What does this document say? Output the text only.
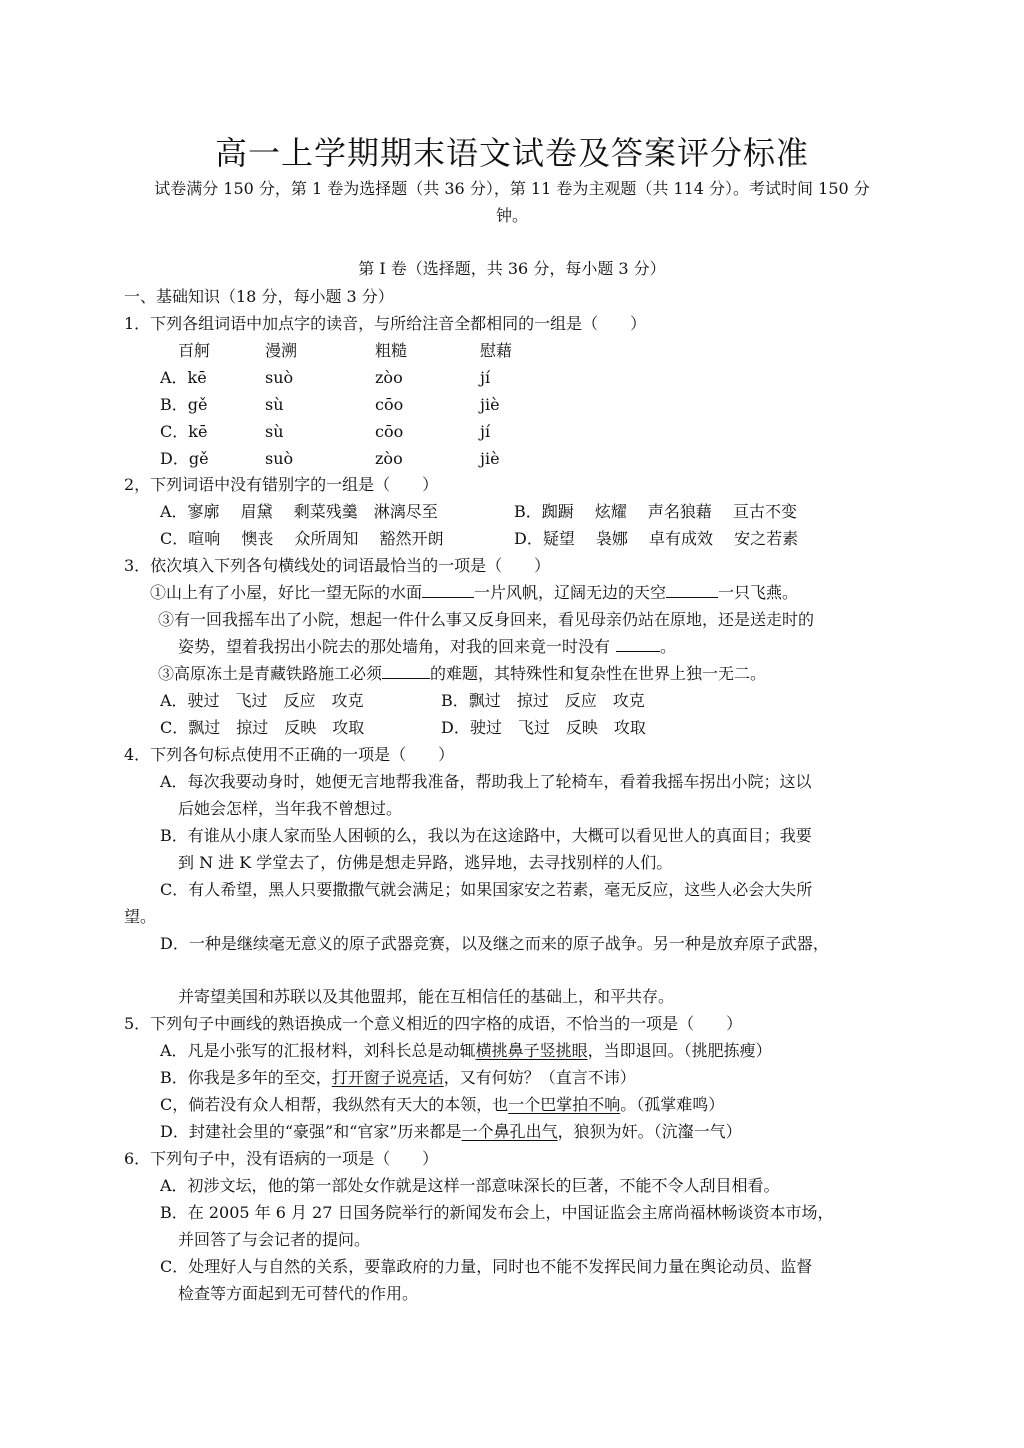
高一上学期期末语文试卷及答案评分标准
试卷满分 150 分，第 1 卷为选择题（共 36 分），第 11 卷为主观题（共 114 分）。考试时间 150 分
钟。
第 I 卷（选择题，共 36 分，每小题 3 分）
一、基础知识（18 分，每小题 3 分）
1．下列各组词语中加点字的读音，与所给注音全都相同的一组是（　　）
百舸	漫溯	粗糙	慰藉
A．kē	suò	zòo	jí
B．gě	sù	cōo	jiè
C．kē	sù	cōo	jí
D．gě	suò	zòo	jiè
2，下列词语中没有错别字的一组是（　　）
A．寥廓　 眉黛　 剩菜残羹　淋漓尽至	B．踟蹰　 炫耀　 声名狼藉　 亘古不变
C．喧响　 懊丧　 众所周知　 豁然开朗	D．疑望　 袅娜　 卓有成效　 安之若素
3．依次填入下列各句横线处的词语最恰当的一项是（　　）
①山上有了小屋，好比一望无际的水面	一片风帆，辽阔无边的天空	一只飞燕。
③有一回我摇车出了小院，想起一件什么事又反身回来，看见母亲仍站在原地，还是送走时的
姿势，望着我拐出小院去的那处墙角，对我的回来竟一时没有	。
③高原冻土是青藏铁路施工必须	的难题，其特殊性和复杂性在世界上独一无二。
A．驶过　飞过　反应　攻克	B．飘过　掠过　反应　攻克
C．飘过　掠过　反映　攻取	D．驶过　飞过　反映　攻取
4．下列各句标点使用不正确的一项是（　　）
A．每次我要动身时，她便无言地帮我准备，帮助我上了轮椅车，看着我摇车拐出小院；这以
后她会怎样，当年我不曾想过。
B．有谁从小康人家而坠人困顿的么，我以为在这途路中，大概可以看见世人的真面目；我要
到 N 进 K 学堂去了，仿佛是想走异路，逃异地，去寻找别样的人们。
C．有人希望，黑人只要撒撒气就会满足；如果国家安之若素，毫无反应，这些人必会大失所
望。
D．一种是继续毫无意义的原子武器竞赛，以及继之而来的原子战争。另一种是放弃原子武器，
并寄望美国和苏联以及其他盟邦，能在互相信任的基础上，和平共存。
5．下列句子中画线的熟语换成一个意义相近的四字格的成语，不恰当的一项是（　　）
A．凡是小张写的汇报材料，刘科长总是动辄横挑鼻子竖挑眼，当即退回。（挑肥拣瘦）
B．你我是多年的至交，打开窗子说亮话，又有何妨？（直言不讳）
C，倘若没有众人相帮，我纵然有天大的本领，也一个巴掌拍不响。（孤掌难鸣）
D．封建社会里的“豪强”和“官家”历来都是一个鼻孔出气，狼狈为奸。（沆瀣一气）
6．下列句子中，没有语病的一项是（　　）
A．初涉文坛，他的第一部处女作就是这样一部意味深长的巨著，不能不令人刮目相看。
B．在 2005 年 6 月 27 日国务院举行的新闻发布会上，中国证监会主席尚福林畅谈资本市场，
并回答了与会记者的提问。
C．处理好人与自然的关系，要靠政府的力量，同时也不能不发挥民间力量在舆论动员、监督
检查等方面起到无可替代的作用。
